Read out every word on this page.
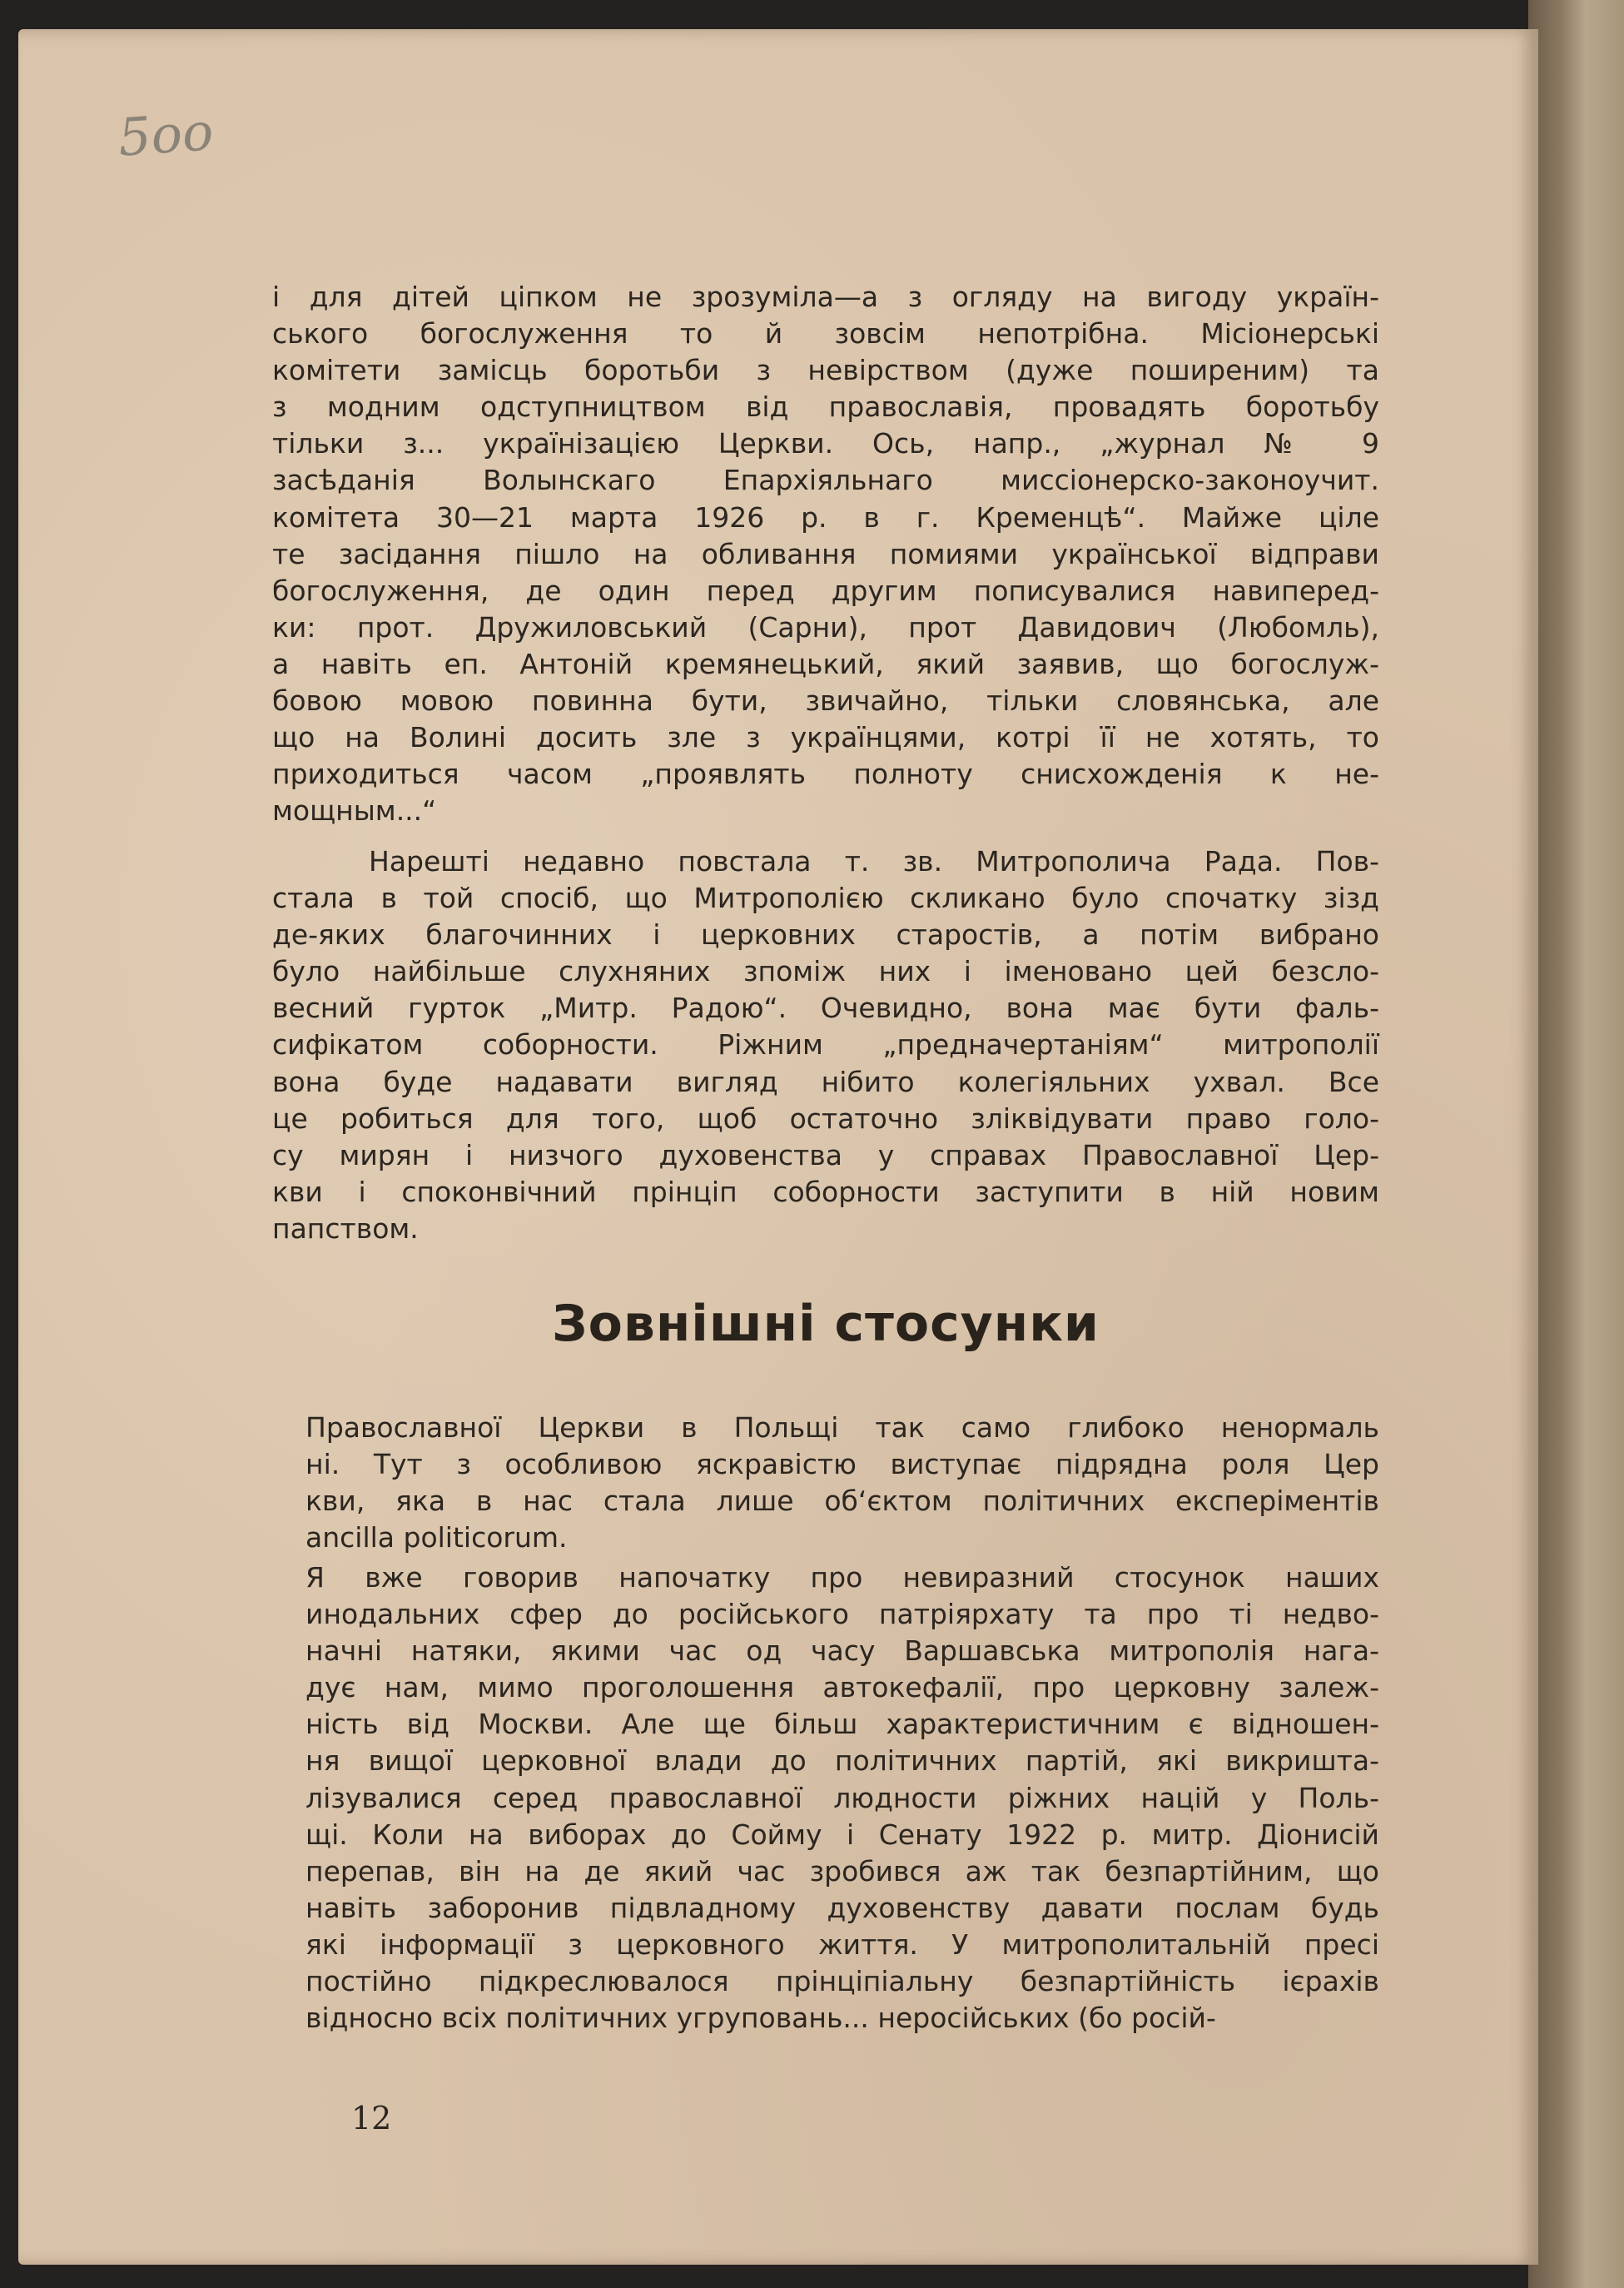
5oo
і для дітей ціпком не зрозуміла—а з огляду на вигоду україн-
ського богослуження то й зовсім непотрібна. Місіонерські
комітети замісць боротьби з невірством (дуже поширеним) та
з модним одступництвом від православія, провадять боротьбу
тільки з... українізацією Церкви. Ось, напр., „журнал № 9
засѣданія Волынскаго Епархіяльнаго миссіонерско-законоучит.
комітета 30—21 марта 1926 р. в г. Кременцѣ“. Майже ціле
те засідання пішло на обливання помиями української відправи
богослуження, де один перед другим пописувалися навиперед-
ки: прот. Дружиловський (Сарни), прот Давидович (Любомль),
а навіть еп. Антоній кремянецький, який заявив, що богослуж-
бовою мовою повинна бути, звичайно, тільки словянська, але
що на Волині досить зле з українцями, котрі її не хотять, то
приходиться часом „проявлять полноту снисхожденія к не-
мощным...“
Нарешті недавно повстала т. зв. Митрополича Рада. Пов-
стала в той спосіб, що Митрополією скликано було спочатку зізд
де-яких благочинних і церковних старостів, а потім вибрано
було найбільше слухняних зпоміж них і іменовано цей безсло-
весний гурток „Митр. Радою“. Очевидно, вона має бути фаль-
сифікатом соборности. Ріжним „предначертаніям“ митрополії
вона буде надавати вигляд нібито колегіяльних ухвал. Все
це робиться для того, щоб остаточно зліквідувати право голо-
су мирян і низчого духовенства у справах Православної Цер-
кви і споконвічний прінціп соборности заступити в ній новим
папством.
Зовнішні стосунки
Православної Церкви в Польщі так само глибоко ненормаль
ні. Тут з особливою яскравістю виступає підрядна роля Цер
кви, яка в нас стала лише об‘єктом політичних експеріментів
ancilla politicorum.
Я вже говорив напочатку про невиразний стосунок наших
инодальних сфер до російського патріярхату та про ті недво-
начні натяки, якими час од часу Варшавська митрополія нага-
дує нам, мимо проголошення автокефалії, про церковну залеж-
ність від Москви. Але ще більш характеристичним є відношен-
ня вищої церковної влади до політичних партій, які викришта-
лізувалися серед православної людности ріжних націй у Поль-
щі. Коли на виборах до Сойму і Сенату 1922 р. митр. Діонисій
перепав, він на де який час зробився аж так безпартійним, що
навіть заборонив підвладному духовенству давати послам будь
які інформації з церковного життя. У митрополитальній пресі
постійно підкреслювалося прінціпіальну безпартійність ієрахів
відносно всіх політичних угруповань... неросійських (бо росій-
12
